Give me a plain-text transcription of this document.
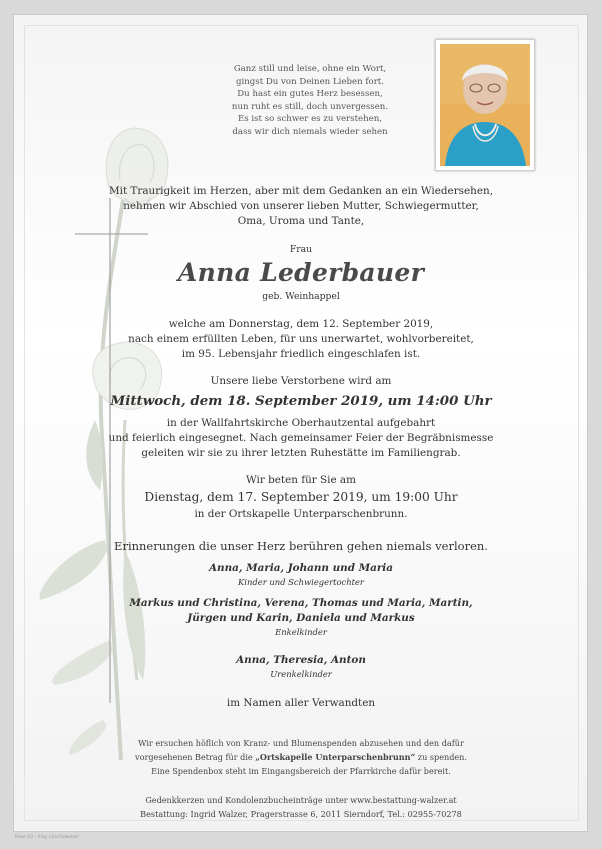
Ganz still und leise, ohne ein Wort,
gingst Du von Deinen Lieben fort.
Du hast ein gutes Herz besessen,
nun ruht es still, doch unvergessen.
Es ist so schwer es zu verstehen,
dass wir dich niemals wieder sehen
Mit Traurigkeit im Herzen, aber mit dem Gedanken an ein Wiedersehen,
nehmen wir Abschied von unserer lieben Mutter, Schwiegermutter,
Oma, Uroma und Tante,
Frau
Anna Lederbauer
geb. Weinhappel
welche am Donnerstag, dem 12. September 2019,
nach einem erfüllten Leben, für uns unerwartet, wohlvorbereitet,
im 95. Lebensjahr friedlich eingeschlafen ist.
Unsere liebe Verstorbene wird am
Mittwoch, dem 18. September 2019, um 14:00 Uhr
in der Wallfahrtskirche Oberhautzental aufgebahrt
und feierlich eingesegnet. Nach gemeinsamer Feier der Begräbnismesse
geleiten wir sie zu ihrer letzten Ruhestätte im Familiengrab.
Wir beten für Sie am
Dienstag, dem 17. September 2019, um 19:00 Uhr
in der Ortskapelle Unterparschenbrunn.
Erinnerungen die unser Herz berühren gehen niemals verloren.
Anna, Maria, Johann und Maria
Kinder und Schwiegertochter
Markus und Christina, Verena, Thomas und Maria, Martin,
Jürgen und Karin, Daniela und Markus
Enkelkinder
Anna, Theresia, Anton
Urenkelkinder
im Namen aller Verwandten
Wir ersuchen höflich von Kranz- und Blumenspenden abzusehen und den dafür
vorgesehenen Betrag für die „Ortskapelle Unterparschenbrunn“ zu spenden.
Eine Spendenbox steht im Eingangsbereich der Pfarrkirche dafür bereit.
Gedenkkerzen und Kondolenzbucheinträge unter www.bestattung-walzer.at
Bestattung: Ingrid Walzer, Pragerstrasse 6, 2011 Sierndorf, Tel.: 02955-70278
Rose 10 - ©by Löschi/walzer
